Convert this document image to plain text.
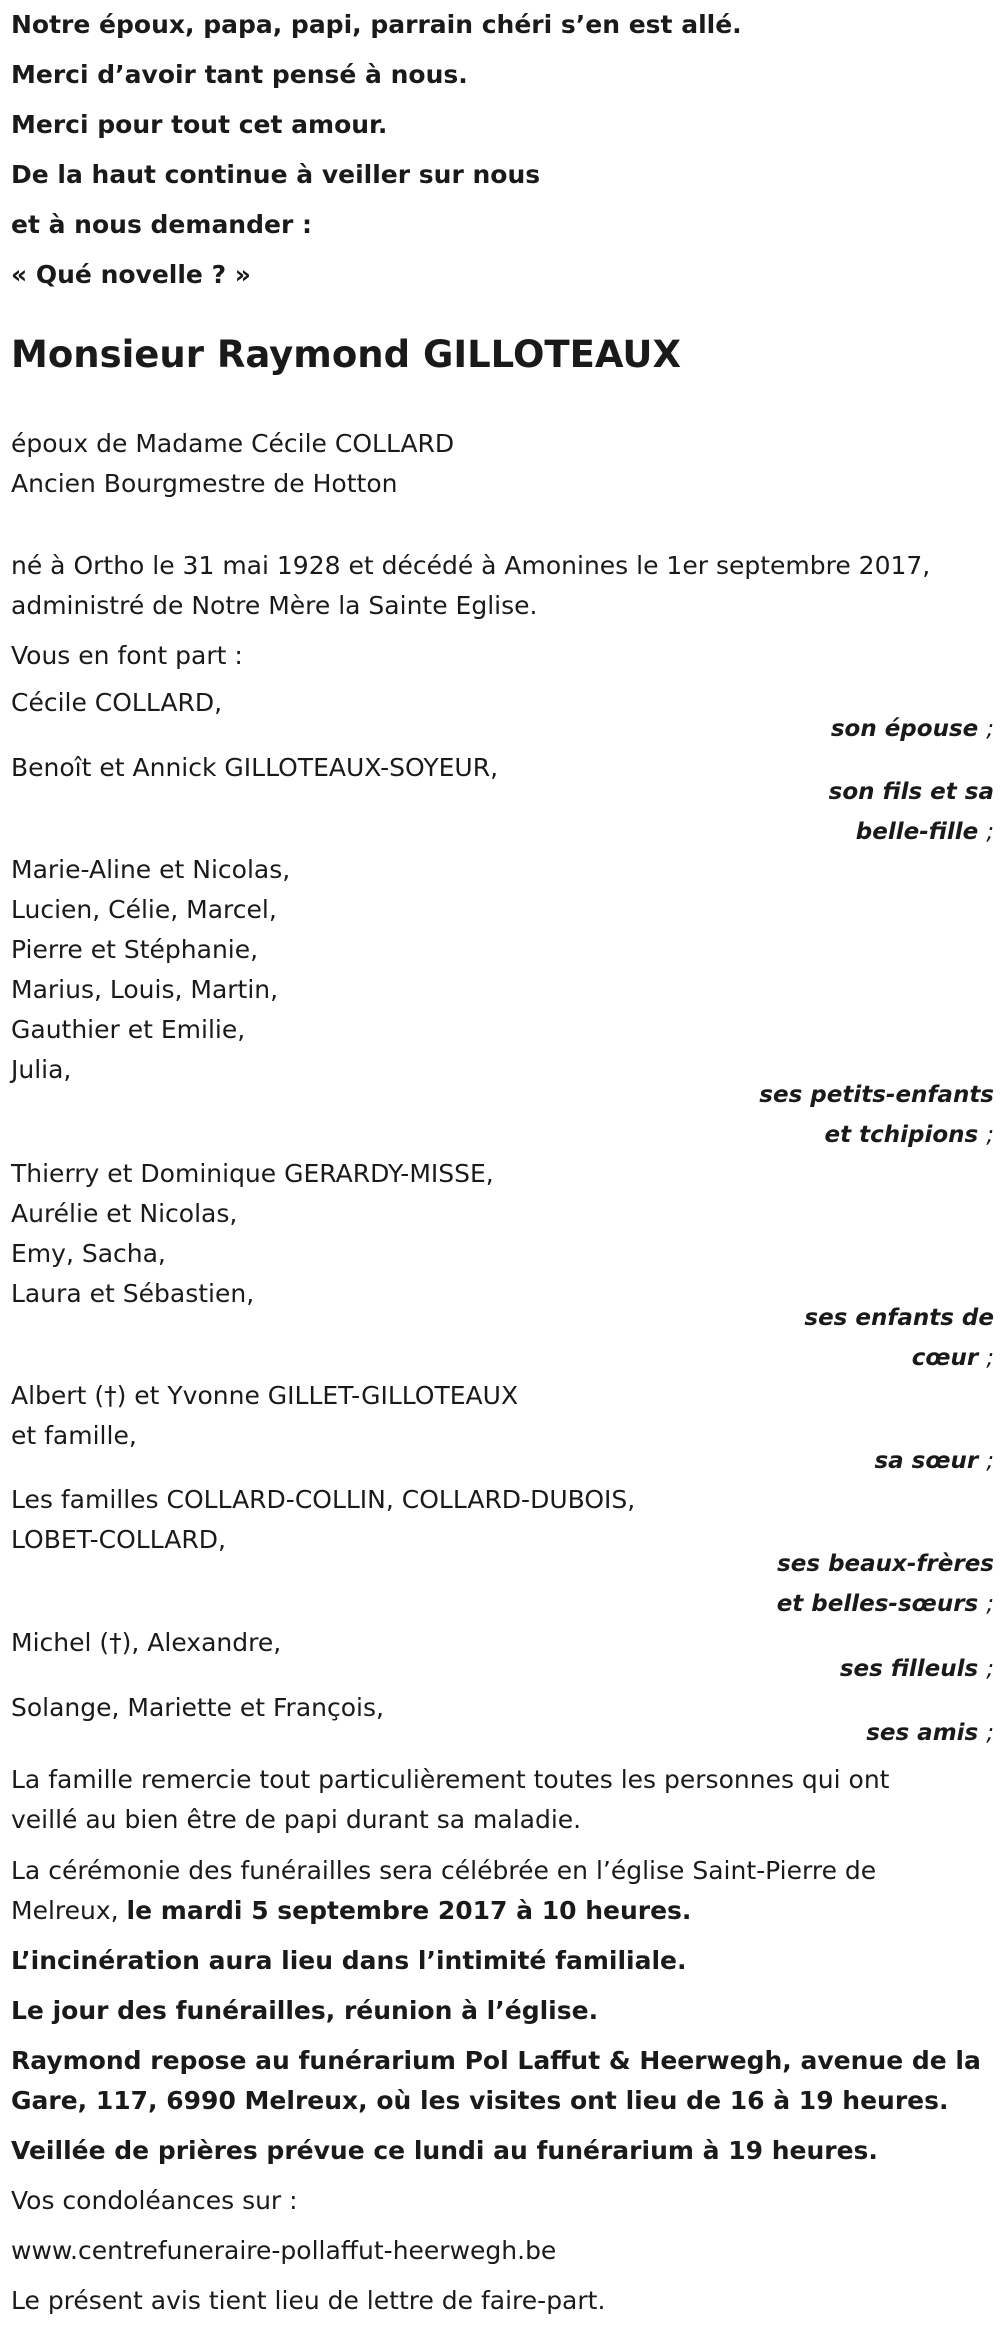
Notre époux, papa, papi, parrain chéri s’en est allé.
Merci d’avoir tant pensé à nous.
Merci pour tout cet amour.
De la haut continue à veiller sur nous
et à nous demander :
« Qué novelle ? »
Monsieur Raymond GILLOTEAUX
époux de Madame Cécile COLLARD
Ancien Bourgmestre de Hotton
né à Ortho le 31 mai 1928 et décédé à Amonines le 1er septembre 2017,
administré de Notre Mère la Sainte Eglise.
Vous en font part :
Cécile COLLARD,
son épouse ;
Benoît et Annick GILLOTEAUX-SOYEUR,
son fils et sa
belle-fille ;
Marie-Aline et Nicolas,
Lucien, Célie, Marcel,
Pierre et Stéphanie,
Marius, Louis, Martin,
Gauthier et Emilie,
Julia,
ses petits-enfants
et tchipions ;
Thierry et Dominique GERARDY-MISSE,
Aurélie et Nicolas,
Emy, Sacha,
Laura et Sébastien,
ses enfants de
cœur ;
Albert (†) et Yvonne GILLET-GILLOTEAUX
et famille,
sa sœur ;
Les familles COLLARD-COLLIN, COLLARD-DUBOIS,
LOBET-COLLARD,
ses beaux-frères
et belles-sœurs ;
Michel (†), Alexandre,
ses filleuls ;
Solange, Mariette et François,
ses amis ;
La famille remercie tout particulièrement toutes les personnes qui ont
veillé au bien être de papi durant sa maladie.
La cérémonie des funérailles sera célébrée en l’église Saint-Pierre de
Melreux, le mardi 5 septembre 2017 à 10 heures.
L’incinération aura lieu dans l’intimité familiale.
Le jour des funérailles, réunion à l’église.
Raymond repose au funérarium Pol Laffut & Heerwegh, avenue de la
Gare, 117, 6990 Melreux, où les visites ont lieu de 16 à 19 heures.
Veillée de prières prévue ce lundi au funérarium à 19 heures.
Vos condoléances sur :
www.centrefuneraire-pollaffut-heerwegh.be
Le présent avis tient lieu de lettre de faire-part.
